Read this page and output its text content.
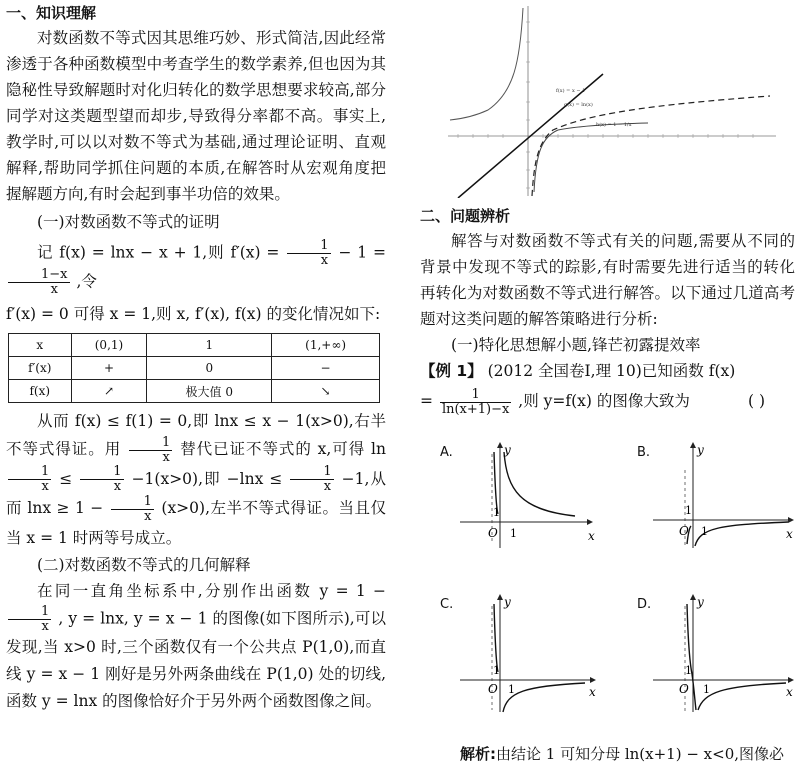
一、知识理解

对数函数不等式因其思维巧妙、形式简洁,因此经常渗透于各种函数模型中考查学生的数学素养,但也因为其隐秘性导致解题时对化归转化的数学思想要求较高,部分同学对这类题型望而却步,导致得分率都不高。事实上,教学时,可以以对数不等式为基础,通过理论证明、直观解释,帮助同学抓住问题的本质,在解答时从宏观角度把握解题方向,有时会起到事半功倍的效果。

(一)对数函数不等式的证明

记 f(x) = lnx − x + 1,则 $f'(x) = \frac{1}{x} - 1$ =
$\frac{1-x}{x}$ ,令

f′(x) = 0 可得 x = 1,则 x, f′(x), f(x) 的变化情况如下:

x	(0,1)	1	(1,+∞)
f′(x)	+	0	−
f(x)	↗	极大值 0	↘

从而 f(x) ≤ f(1) = 0,即 lnx ≤ x − 1(x>0),右半不等式得证。用 $\frac{1}{x}$ 替代已证不等式的 x,可得 ln
$\frac{1}{x} \le \frac{1}{x} -1(x>0)$,即 $-\ln x \le \frac{1}{x} -1$,从而 $\ln x \ge 1 - \frac{1}{x} (x>0)$,左半不等式得证。当且仅当 x = 1 时两等号成立。

(二)对数函数不等式的几何解释

在同一直角坐标系中,分别作出函数 y = 1 −
$\frac{1}{x}$ , y = lnx, y = x − 1 的图像(如下图所示),可以发现,当 x>0 时,三个函数仅有一个公共点 P(1,0),而直线 y = x − 1 刚好是另外两条曲线在 P(1,0) 处的切线,函数 y = lnx 的图像恰好介于另外两个函数图像之间。

f(x) = x − 1
g(x) = ln(x)
h(x) = 1 − 1/x

二、问题辨析

解答与对数函数不等式有关的问题,需要从不同的背景中发现不等式的踪影,有时需要先进行适当的转化再转化为对数函数不等式进行解答。以下通过几道高考题对这类问题的解答策略进行分析:

(一)特化思想解小题,锋芒初露提效率

【例 1】 (2012 全国卷Ⅰ,理 10)已知函数 f(x)

= $\frac{1}{\ln(x+1)-x}$ ,则 y=f(x) 的图像大致为	( )
A.	y
x
O 1
1
B.	y
x
O 1
1
C.	y
x
O 1
1
D.	y
x
O 1
1
解析:由结论 1 可知分母 ln(x+1) − x<0,图像必
